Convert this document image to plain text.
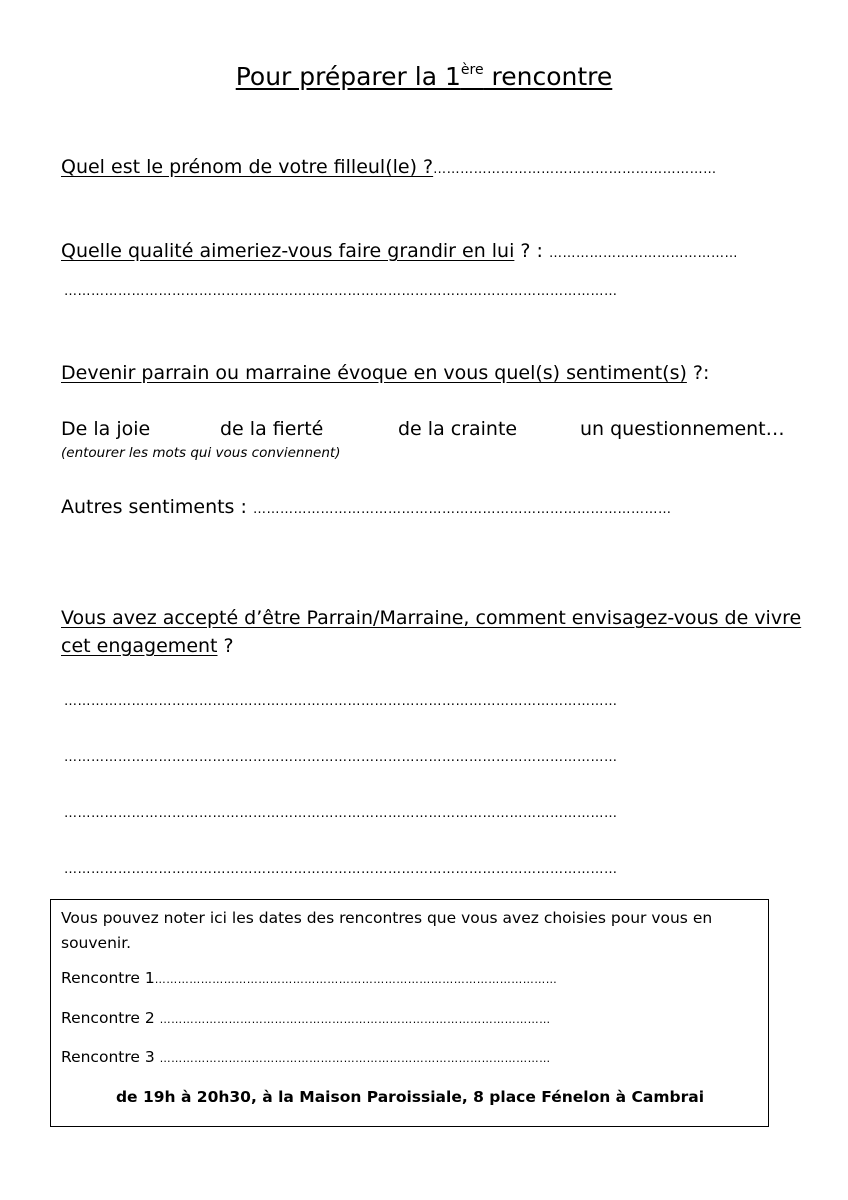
Pour préparer la 1ère rencontre
Quel est le prénom de votre filleul(le) ?………………………………………………………
Quelle qualité aimeriez-vous faire grandir en lui ? : ……………………………………
……………………………………………………………………………………………………………
Devenir parrain ou marraine évoque en vous quel(s) sentiment(s) ?:
De la joie	de la fierté	de la crainte	un questionnement…
(entourer les mots qui vous conviennent)
Autres sentiments : …………………………………………………………………………………
Vous avez accepté d’être Parrain/Marraine, comment envisagez-vous de vivre
cet engagement ?
……………………………………………………………………………………………………………
……………………………………………………………………………………………………………
……………………………………………………………………………………………………………
……………………………………………………………………………………………………………
Vous pouvez noter ici les dates des rencontres que vous avez choisies pour vous en
souvenir.
Rencontre 1……………………………………………………………………………………………
Rencontre 2 …………………………………………………………………………………………
Rencontre 3 …………………………………………………………………………………………
de 19h à 20h30, à la Maison Paroissiale, 8 place Fénelon à Cambrai
